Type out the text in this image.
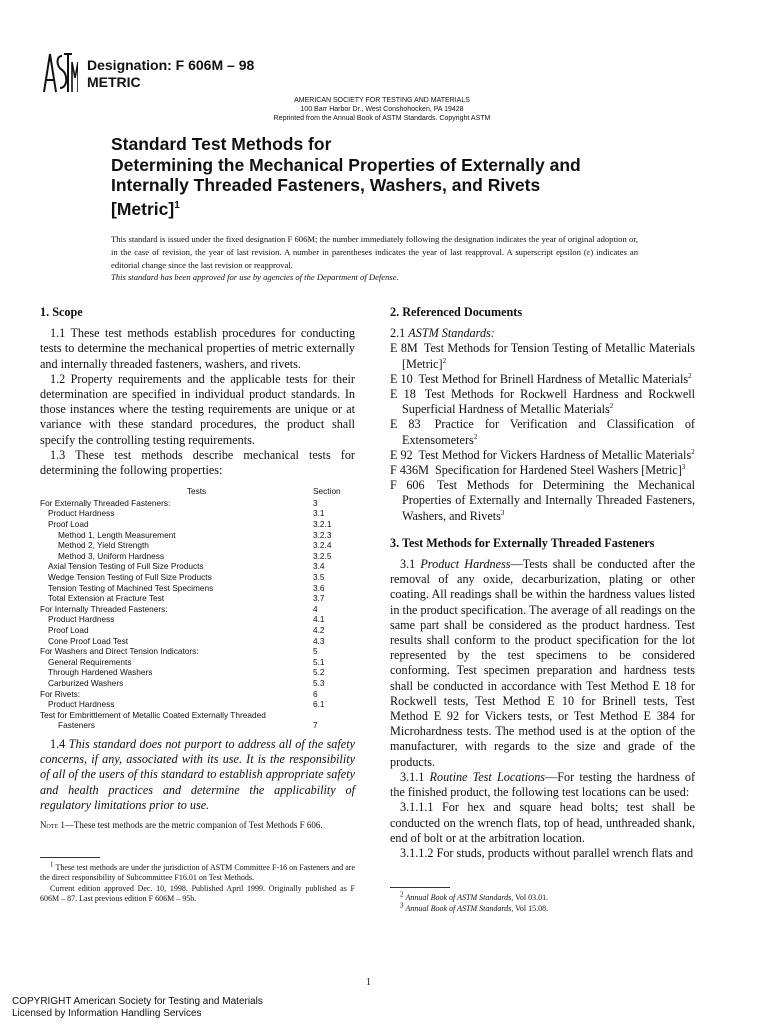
Designation: F 606M – 98
METRIC
AMERICAN SOCIETY FOR TESTING AND MATERIALS
100 Barr Harbor Dr., West Conshohocken, PA 19428
Reprinted from the Annual Book of ASTM Standards. Copyright ASTM
Standard Test Methods for
Determining the Mechanical Properties of Externally and
Internally Threaded Fasteners, Washers, and Rivets
[Metric]$^1$
This standard is issued under the fixed designation F 606M; the number immediately following the designation indicates the year of original adoption or, in the case of revision, the year of last revision. A number in parentheses indicates the year of last reapproval. A superscript epsilon (ε) indicates an editorial change since the last revision or reapproval.
This standard has been approved for use by agencies of the Department of Defense.
1. Scope

1.1 These test methods establish procedures for conducting tests to determine the mechanical properties of metric externally and internally threaded fasteners, washers, and rivets.

1.2 Property requirements and the applicable tests for their determination are specified in individual product standards. In those instances where the testing requirements are unique or at variance with these standard procedures, the product shall specify the controlling testing requirements.

1.3 These test methods describe mechanical tests for determining the following properties:

Tests	Section
For Externally Threaded Fasteners:	3
Product Hardness	3.1
Proof Load	3.2.1
Method 1, Length Measurement	3.2.3
Method 2, Yield Strength	3.2.4
Method 3, Uniform Hardness	3.2.5
Axial Tension Testing of Full Size Products	3.4
Wedge Tension Testing of Full Size Products	3.5
Tension Testing of Machined Test Specimens	3.6
Total Extension at Fracture Test	3.7
For Internally Threaded Fasteners:	4
Product Hardness	4.1
Proof Load	4.2
Cone Proof Load Test	4.3
For Washers and Direct Tension Indicators:	5
General Requirements	5.1
Through Hardened Washers	5.2
Carburized Washers	5.3
For Rivets:	6
Product Hardness	6.1
Test for Embrittlement of Metallic Coated Externally Threaded
Fasteners	7

1.4 This standard does not purport to address all of the safety concerns, if any, associated with its use. It is the responsibility of all of the users of this standard to establish appropriate safety and health practices and determine the applicability of regulatory limitations prior to use.

Note 1—These test methods are the metric companion of Test Methods F 606.
1 These test methods are under the jurisdiction of ASTM Committee F-16 on Fasteners and are the direct responsibility of Subcommittee F16.01 on Test Methods.
Current edition approved Dec. 10, 1998. Published April 1999. Originally published as F 606M – 87. Last previous edition F 606M – 95b.
2. Referenced Documents
2.1 ASTM Standards:
E 8M Test Methods for Tension Testing of Metallic Materials [Metric]$^2$
E 10 Test Method for Brinell Hardness of Metallic Materials$^2$
E 18 Test Methods for Rockwell Hardness and Rockwell Superficial Hardness of Metallic Materials$^2$
E 83 Practice for Verification and Classification of Extensometers$^2$
E 92 Test Method for Vickers Hardness of Metallic Materials$^2$
F 436M Specification for Hardened Steel Washers [Metric]$^3$
F 606 Test Methods for Determining the Mechanical Properties of Externally and Internally Threaded Fasteners, Washers, and Rivets$^3$
3. Test Methods for Externally Threaded Fasteners

3.1 Product Hardness—Tests shall be conducted after the removal of any oxide, decarburization, plating or other coating. All readings shall be within the hardness values listed in the product specification. The average of all readings on the same part shall be considered as the product hardness. Test results shall conform to the product specification for the lot represented by the test specimens to be considered conforming. Test specimen preparation and hardness tests shall be conducted in accordance with Test Method E 18 for Rockwell tests, Test Method E 10 for Brinell tests, Test Method E 92 for Vickers tests, or Test Method E 384 for Microhardness tests. The method used is at the option of the manufacturer, with regards to the size and grade of the products.

3.1.1 Routine Test Locations—For testing the hardness of the finished product, the following test locations can be used:

3.1.1.1 For hex and square head bolts; test shall be conducted on the wrench flats, top of head, unthreaded shank, end of bolt or at the arbitration location.

3.1.1.2 For studs, products without parallel wrench flats and

2 Annual Book of ASTM Standards, Vol 03.01.
3 Annual Book of ASTM Standards, Vol 15.08.
1
COPYRIGHT American Society for Testing and Materials
Licensed by Information Handling Services
